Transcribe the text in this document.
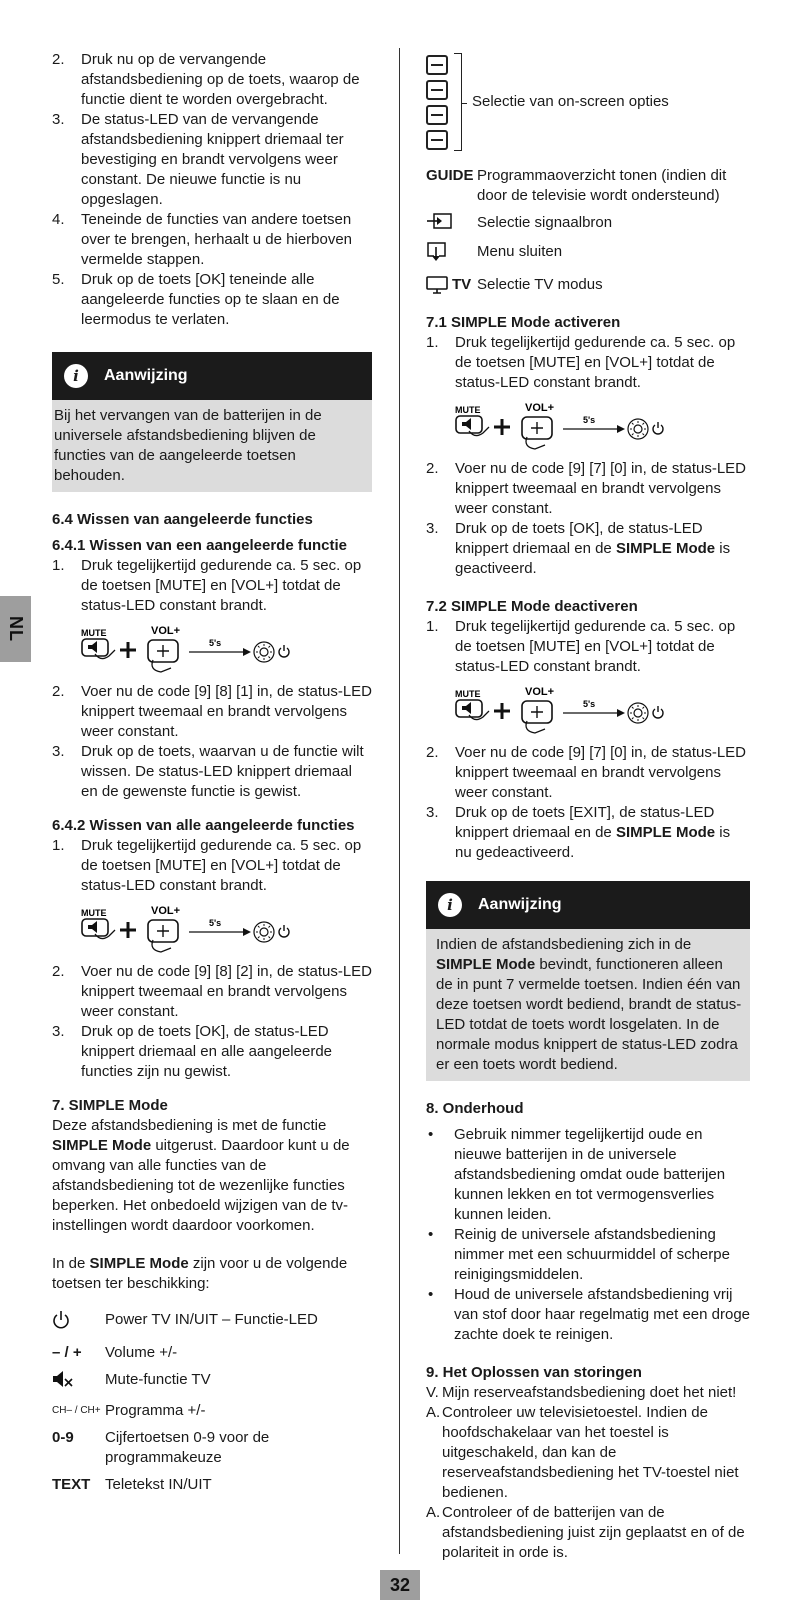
NL
2.	Druk nu op de vervangende afstandsbediening op de toets, waarop de functie dient te worden overgebracht.
3.	De status-LED van de vervangende afstandsbediening knippert driemaal ter bevestiging en brandt vervolgens weer constant. De nieuwe functie is nu opgeslagen.
4.	Teneinde de functies van andere toetsen over te brengen, herhaalt u de hierboven vermelde stappen.
5.	Druk op de toets [OK] teneinde alle aangeleerde functies op te slaan en de leermodus te verlaten.
i	Aanwijzing
Bij het vervangen van de batterijen in de universele afstandsbediening blijven de functies van de aangeleerde toetsen behouden.
6.4 Wissen van aangeleerde functies
6.4.1 Wissen van een aangeleerde functie
1.	Druk tegelijkertijd gedurende ca. 5 sec. op de toetsen [MUTE] en [VOL+] totdat de status-LED constant brandt.
MUTE	VOL+
5's
2.	Voer nu de code [9] [8] [1] in, de status-LED knippert tweemaal en brandt vervolgens weer constant.
3.	Druk op de toets, waarvan u de functie wilt wissen. De status-LED knippert driemaal en de gewenste functie is gewist.
6.4.2 Wissen van alle aangeleerde functies
1.	Druk tegelijkertijd gedurende ca. 5 sec. op de toetsen [MUTE] en [VOL+] totdat de status-LED constant brandt.
MUTE	VOL+
5's
2.	Voer nu de code [9] [8] [2] in, de status-LED knippert tweemaal en brandt vervolgens weer constant.
3.	Druk op de toets [OK], de status-LED knippert driemaal en alle aangeleerde functies zijn nu gewist.
7. SIMPLE Mode

Deze afstandsbediening is met de functie SIMPLE Mode uitgerust. Daardoor kunt u de omvang van alle functies van de afstandsbediening tot de wezenlijke functies beperken. Het onbedoeld wijzigen van de tv-instellingen wordt daardoor voorkomen.

In de SIMPLE Mode zijn voor u de volgende toetsen ter beschikking:

Power TV IN/UIT – Functie-LED
– / +	Volume +/-
Mute-functie TV
CH– / CH+ Programma +/-
0-9	Cijfertoetsen 0-9 voor de programmakeuze
TEXT Teletekst IN/UIT
Selectie van on-screen opties
GUIDE Programmaoverzicht tonen (indien dit door de televisie wordt ondersteund)
Selectie signaalbron
Menu sluiten
TV Selectie TV modus
7.1 SIMPLE Mode activeren
1.	Druk tegelijkertijd gedurende ca. 5 sec. op de toetsen [MUTE] en [VOL+] totdat de status-LED constant brandt.
MUTE	VOL+
5's
2.	Voer nu de code [9] [7] [0] in, de status-LED knippert tweemaal en brandt vervolgens weer constant.
3.	Druk op de toets [OK], de status-LED knippert driemaal en de SIMPLE Mode is geactiveerd.
7.2 SIMPLE Mode deactiveren
1.	Druk tegelijkertijd gedurende ca. 5 sec. op de toetsen [MUTE] en [VOL+] totdat de status-LED constant brandt.
MUTE	VOL+
5's
2.	Voer nu de code [9] [7] [0] in, de status-LED knippert tweemaal en brandt vervolgens weer constant.
3.	Druk op de toets [EXIT], de status-LED knippert driemaal en de SIMPLE Mode is nu gedeactiveerd.
i	Aanwijzing
Indien de afstandsbediening zich in de SIMPLE Mode bevindt, functioneren alleen de in punt 7 vermelde toetsen. Indien één van deze toetsen wordt bediend, brandt de status-LED totdat de toets wordt losgelaten. In de normale modus knippert de status-LED zodra er een toets wordt bediend.
8. Onderhoud
•	Gebruik nimmer tegelijkertijd oude en nieuwe batterijen in de universele afstandsbediening omdat oude batterijen kunnen lekken en tot vermogensverlies kunnen leiden.
•	Reinig de universele afstandsbediening nimmer met een schuurmiddel of scherpe reinigingsmiddelen.
•	Houd de universele afstandsbediening vrij van stof door haar regelmatig met een droge zachte doek te reinigen.
9. Het Oplossen van storingen
V. Mijn reserveafstandsbediening doet het niet!
A. Controleer uw televisietoestel. Indien de hoofdschakelaar van het toestel is uitgeschakeld, dan kan de reserveafstandsbediening het TV-toestel niet bedienen.
A. Controleer of de batterijen van de afstandsbediening juist zijn geplaatst en of de polariteit in orde is.
32
